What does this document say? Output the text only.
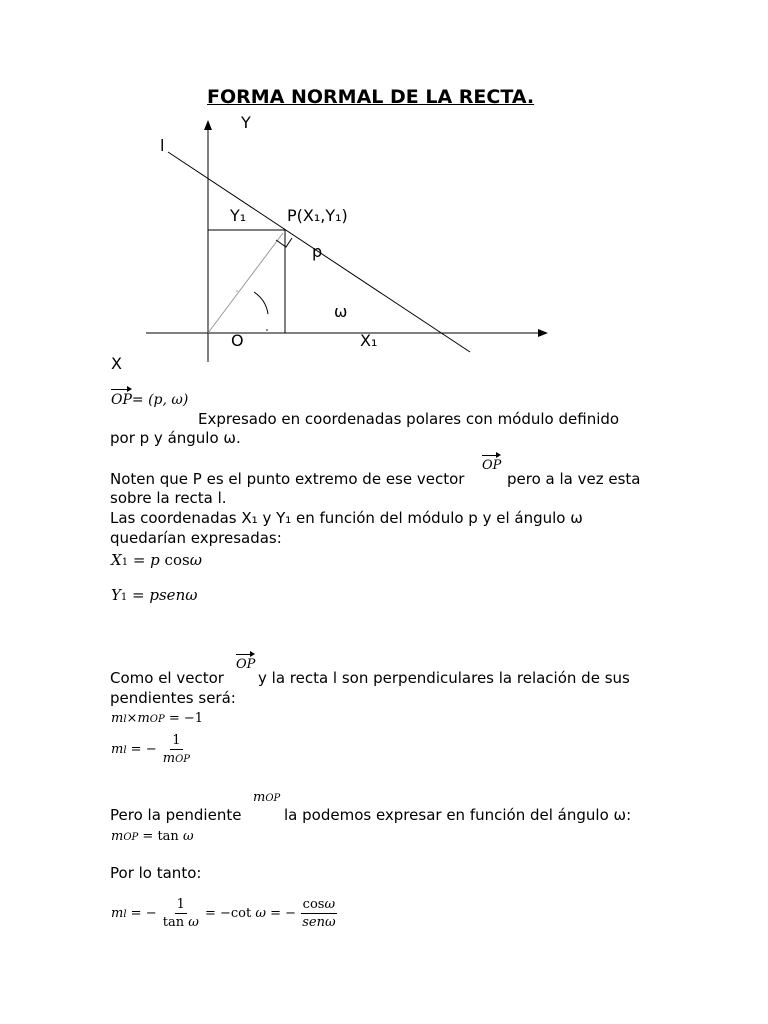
FORMA NORMAL DE LA RECTA.
Y
l
Y₁	P(X₁,Y₁)
p
ω
O	X₁
X
OP= (p, ω)
Expresado en coordenadas polares con módulo definido
por p y ángulo ω.
Noten que P es el punto extremo de ese vector
OP
pero a la vez esta
sobre la recta l.
Las coordenadas X₁ y Y₁ en función del módulo p y el ángulo ω
quedarían expresadas:
X1 = p cosω
Y1 = psenω
OP
Como el vector y la recta l son perpendiculares la relación de sus
pendientes será:
ml×mOP = −1
ml = − $\frac{1}{\text{mOP}}$
mOP
Pero la pendiente	la podemos expresar en función del ángulo ω:
mOP = tan ω
Por lo tanto:
ml = − $\frac{1}{\text{tan ω}} = -\cot$ ω = − $\frac{\cos\omega}{\text{senω}}$
